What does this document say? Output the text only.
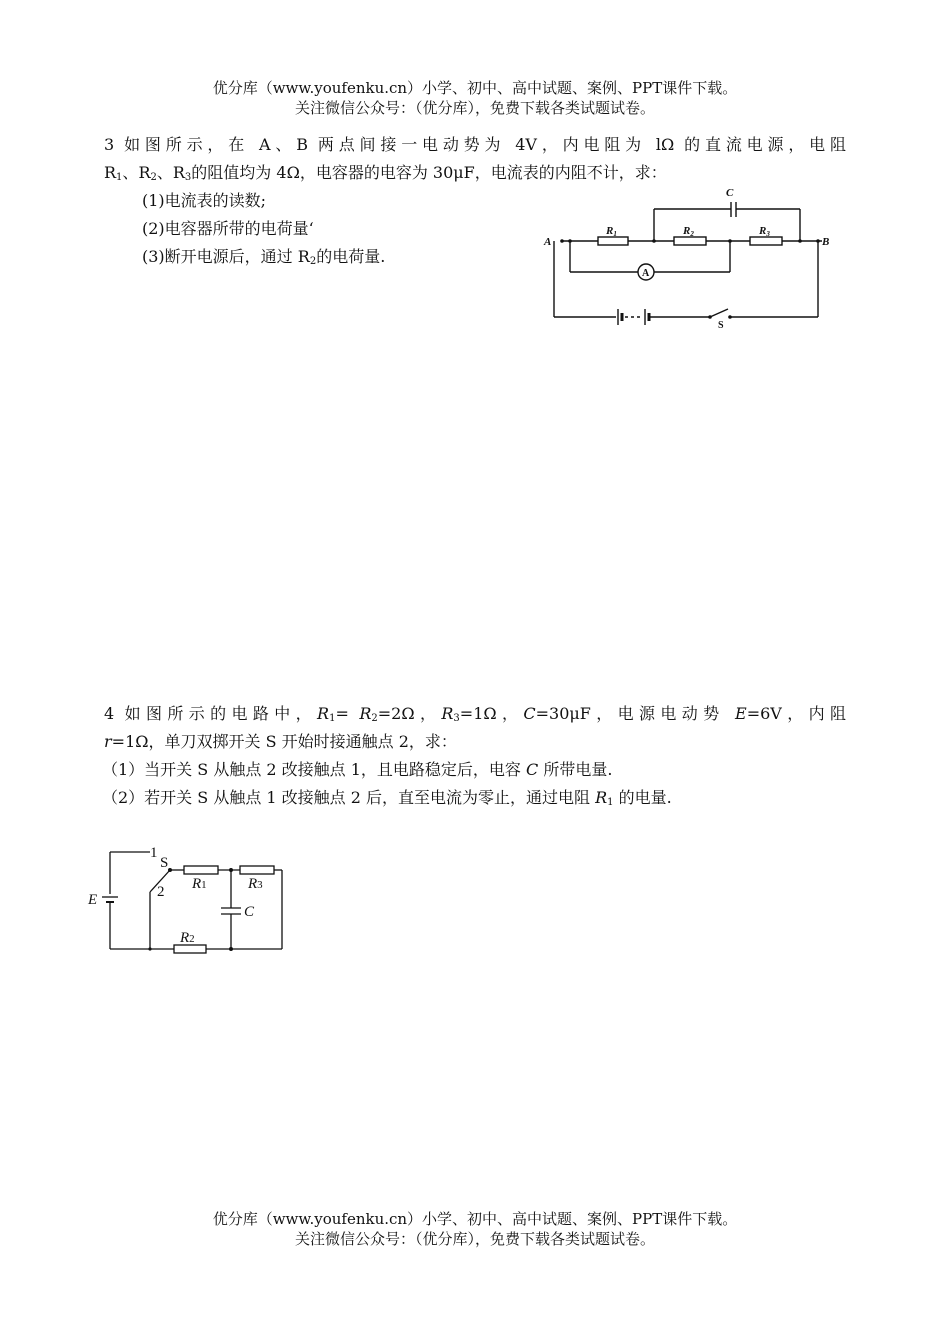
优分库（www.youfenku.cn）小学、初中、高中试题、案例、PPT课件下载。
关注微信公众号：（优分库），免费下载各类试题试卷。
3 如图所示，在 A、B 两点间接一电动势为 4V，内电阻为 lΩ 的直流电源，电阻
$R_1$、$R_2$、$R_3$的阻值均为 4Ω，电容器的电容为 30μF，电流表的内阻不计，求：
(1)电流表的读数;
(2)电容器所带的电荷量‘
(3)断开电源后，通过 $R_2$的电荷量.
C
A	B
R1	R2	R3
A
S
4 如图所示的电路中，$R_1= R_2=2\Omega$，$R_3=1\Omega$，C=30μF，电源电动势 E=6V，内阻
r=1Ω，单刀双掷开关 S 开始时接通触点 2，求：
（1）当开关 S 从触点 2 改接触点 1，且电路稳定后，电容 C 所带电量.
（2）若开关 S 从触点 1 改接触点 2 后，直至电流为零止，通过电阻 $R_1$ 的电量.
1
S
2
E
C
R1	R3
R2
优分库（www.youfenku.cn）小学、初中、高中试题、案例、PPT课件下载。
关注微信公众号：（优分库），免费下载各类试题试卷。
